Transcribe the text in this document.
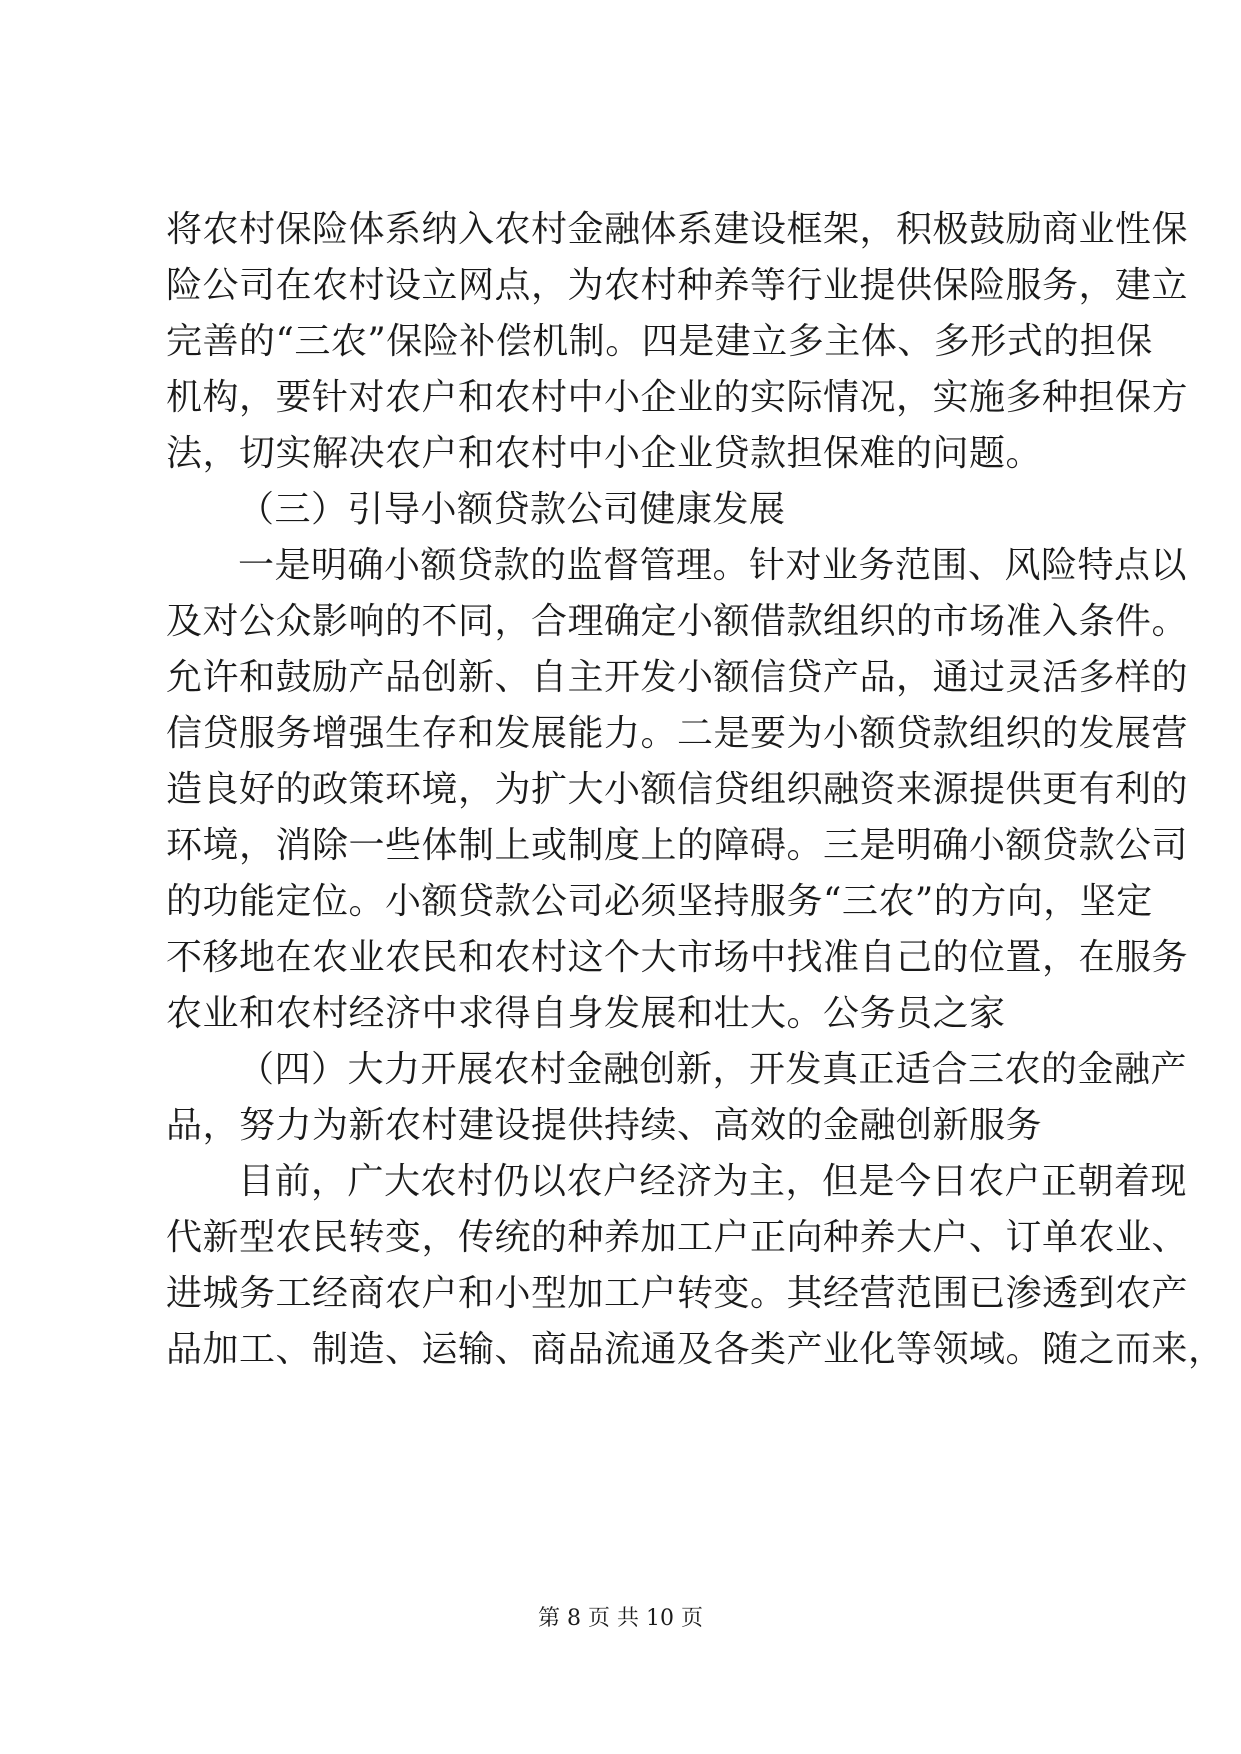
将农村保险体系纳入农村金融体系建设框架，积极鼓励商业性保
险公司在农村设立网点，为农村种养等行业提供保险服务，建立
完善的“三农”保险补偿机制。四是建立多主体、多形式的担保
机构，要针对农户和农村中小企业的实际情况，实施多种担保方
法，切实解决农户和农村中小企业贷款担保难的问题。
（三）引导小额贷款公司健康发展
一是明确小额贷款的监督管理。针对业务范围、风险特点以
及对公众影响的不同，合理确定小额借款组织的市场准入条件。
允许和鼓励产品创新、自主开发小额信贷产品，通过灵活多样的
信贷服务增强生存和发展能力。二是要为小额贷款组织的发展营
造良好的政策环境，为扩大小额信贷组织融资来源提供更有利的
环境，消除一些体制上或制度上的障碍。三是明确小额贷款公司
的功能定位。小额贷款公司必须坚持服务“三农”的方向，坚定
不移地在农业农民和农村这个大市场中找准自己的位置，在服务
农业和农村经济中求得自身发展和壮大。公务员之家
（四）大力开展农村金融创新，开发真正适合三农的金融产
品，努力为新农村建设提供持续、高效的金融创新服务
目前，广大农村仍以农户经济为主，但是今日农户正朝着现
代新型农民转变，传统的种养加工户正向种养大户、订单农业、
进城务工经商农户和小型加工户转变。其经营范围已渗透到农产
品加工、制造、运输、商品流通及各类产业化等领域。随之而来，
第 8 页 共 10 页
